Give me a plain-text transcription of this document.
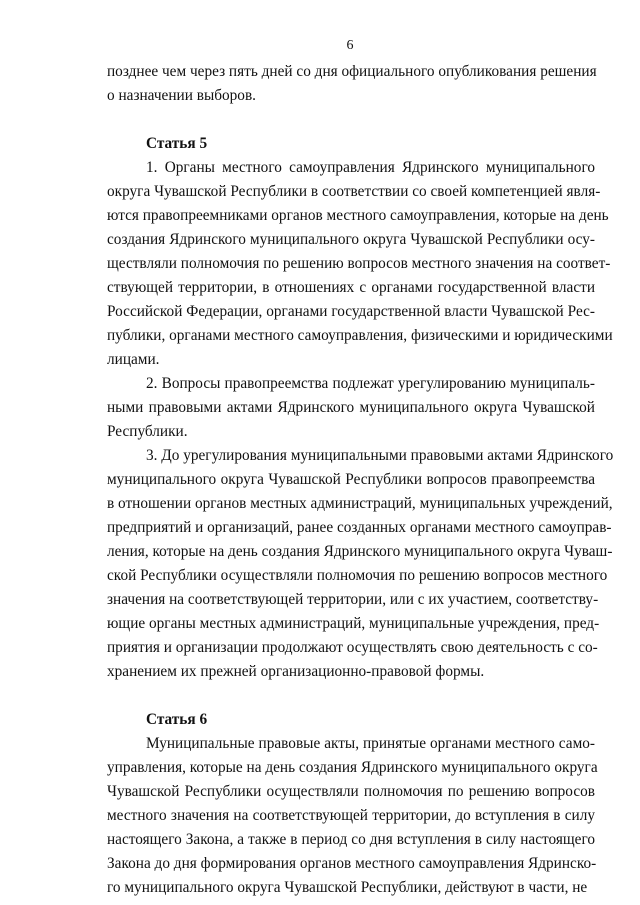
6
позднее чем через пять дней со дня официального опубликования решения
о назначении выборов.
Статья 5
1. Органы местного самоуправления Ядринского муниципального
округа Чувашской Республики в соответствии со своей компетенцией явля-
ются правопреемниками органов местного самоуправления, которые на день
создания Ядринского муниципального округа Чувашской Республики осу-
ществляли полномочия по решению вопросов местного значения на соответ-
ствующей территории, в отношениях с органами государственной власти
Российской Федерации, органами государственной власти Чувашской Рес-
публики, органами местного самоуправления, физическими и юридическими
лицами.
2. Вопросы правопреемства подлежат урегулированию муниципаль-
ными правовыми актами Ядринского муниципального округа Чувашской
Республики.
3. До урегулирования муниципальными правовыми актами Ядринского
муниципального округа Чувашской Республики вопросов правопреемства
в отношении органов местных администраций, муниципальных учреждений,
предприятий и организаций, ранее созданных органами местного самоуправ-
ления, которые на день создания Ядринского муниципального округа Чуваш-
ской Республики осуществляли полномочия по решению вопросов местного
значения на соответствующей территории, или с их участием, соответству-
ющие органы местных администраций, муниципальные учреждения, пред-
приятия и организации продолжают осуществлять свою деятельность с со-
хранением их прежней организационно-правовой формы.
Статья 6
Муниципальные правовые акты, принятые органами местного само-
управления, которые на день создания Ядринского муниципального округа
Чувашской Республики осуществляли полномочия по решению вопросов
местного значения на соответствующей территории, до вступления в силу
настоящего Закона, а также в период со дня вступления в силу настоящего
Закона до дня формирования органов местного самоуправления Ядринско-
го муниципального округа Чувашской Республики, действуют в части, не
